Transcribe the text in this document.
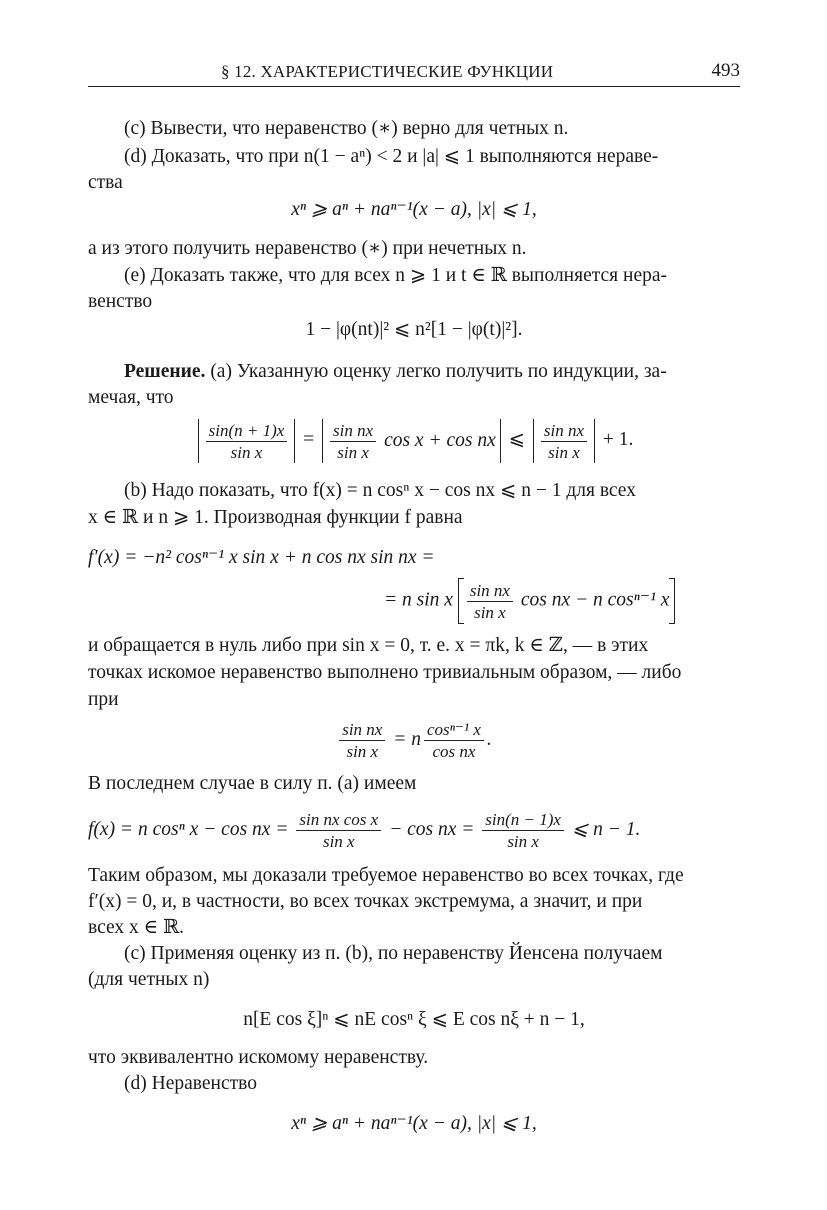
§ 12. ХАРАКТЕРИСТИЧЕСКИЕ ФУНКЦИИ	493
(c) Вывести, что неравенство (∗) верно для четных n.
(d) Доказать, что при n(1 − aⁿ) < 2 и |a| ⩽ 1 выполняются нераве-
ства
xⁿ ⩾ aⁿ + naⁿ⁻¹(x − a), |x| ⩽ 1,
а из этого получить неравенство (∗) при нечетных n.
(e) Доказать также, что для всех n ⩾ 1 и t ∈ ℝ выполняется нера-
венство
1 − |φ(nt)|² ⩽ n²[1 − |φ(t)|²].
Решение. (a) Указанную оценку легко получить по индукции, за-
мечая, что
$\frac{\sin(n + 1)x}{\text{sin x}} = \frac{\text{sin nx}}{\text{sin x}}$ cos x + cos nx ⩽ $\frac{\text{sin nx}}{\text{sin x}} + 1$.
(b) Надо показать, что f(x) = n cosⁿ x − cos nx ⩽ n − 1 для всех
x ∈ ℝ и n ⩾ 1. Производная функции f равна
f′(x) = −n² cosⁿ⁻¹ x sin x + n cos nx sin nx =
= n sin x $\frac{\text{sin nx}}{\text{sin x}}$ cos nx − n cosⁿ⁻¹ x
и обращается в нуль либо при sin x = 0, т. е. x = πk, k ∈ ℤ, — в этих
точках искомое неравенство выполнено тривиальным образом, — либо
при
$\frac{\text{sin nx}}{\text{sin x}} = n \frac{\text{cosⁿ⁻¹ x}}{\text{cos nx}}$ .
В последнем случае в силу п. (a) имеем
f(x) = n cosⁿ x − cos nx = $\frac{\text{sin nx cos x}}{\text{sin x}} - \cos$ nx = $\frac{\sin(n - 1)x}{\text{sin x}}$ ⩽ n − 1.
Таким образом, мы доказали требуемое неравенство во всех точках, где
f′(x) = 0, и, в частности, во всех точках экстремума, а значит, и при
всех x ∈ ℝ.
(c) Применяя оценку из п. (b), по неравенству Йенсена получаем
(для четных n)
n[E cos ξ]ⁿ ⩽ nE cosⁿ ξ ⩽ E cos nξ + n − 1,
что эквивалентно искомому неравенству.
(d) Неравенство
xⁿ ⩾ aⁿ + naⁿ⁻¹(x − a), |x| ⩽ 1,
